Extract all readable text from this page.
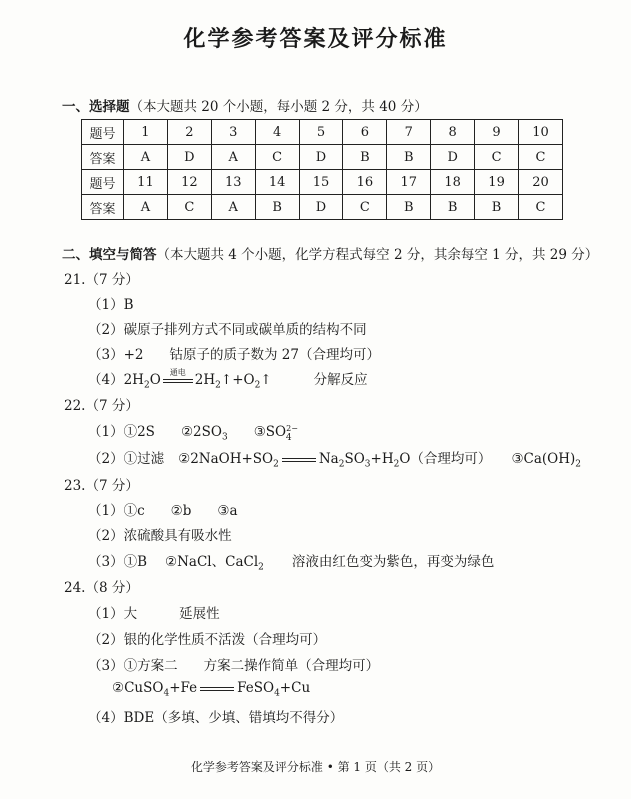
化学参考答案及评分标准
一、选择题（本大题共 20 个小题，每小题 2 分，共 40 分）
题号	1	2	3	4	5	6	7	8	9	10
答案	A	D	A	C	D	B	B	D	C	C
题号	11	12	13	14	15	16	17	18	19	20
答案	A	C	A	B	D	C	B	B	B	C
二、填空与简答（本大题共 4 个小题，化学方程式每空 2 分，其余每空 1 分，共 29 分）
21.（7 分）
（1）B
（2）碳原子排列方式不同或碳单质的结构不同
（3）+2 钴原子的质子数为 27（合理均可）
$(4)2H_2O$	通电 $2H_2↑+O_2↑$	分解反应
22.（7 分）
（1）①2S $②2SO_3$ $③SO^{2-}_4$
（2）①过滤 $②2NaOH+SO_2$	$Na_2SO_3+H_2O$（合理均可） $③Ca(OH)_2$
23.（7 分）
（1）①c ②b ③a
（2）浓硫酸具有吸水性
（3）①B ②NaCl、CaCl$_2$ 溶液由红色变为紫色，再变为绿色
24.（8 分）
（1）大	延展性
（2）银的化学性质不活泼（合理均可）
（3）①方案二 方案二操作简单（合理均可）
②CuSO$_4$+Fe	FeSO$_4$+Cu
（4）BDE（多填、少填、错填均不得分）
化学参考答案及评分标准 • 第 1 页（共 2 页）
